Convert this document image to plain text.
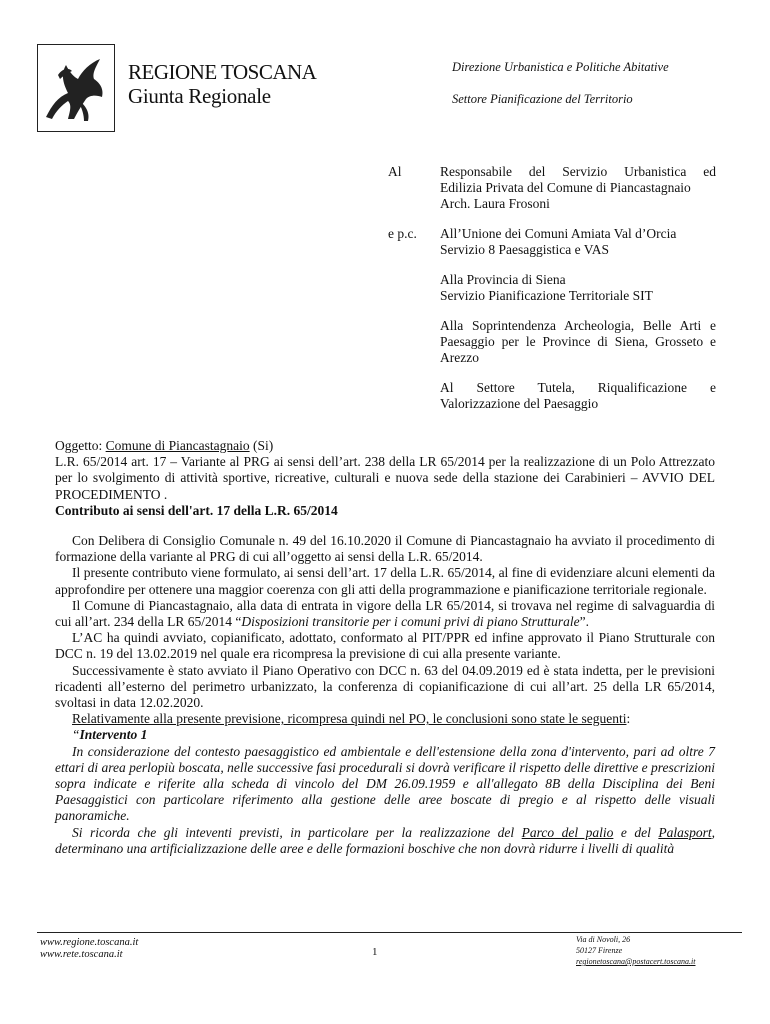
REGIONE TOSCANA
Giunta Regionale
Direzione Urbanistica e Politiche Abitative
Settore Pianificazione del Territorio
Al	Responsabile del Servizio Urbanistica ed
Edilizia Privata del Comune di Piancastagnaio
Arch. Laura Frosoni
e p.c. All’Unione dei Comuni Amiata Val d’Orcia
Servizio 8 Paesaggistica e VAS
Alla Provincia di Siena
Servizio Pianificazione Territoriale SIT
Alla Soprintendenza Archeologia, Belle Arti e
Paesaggio per le Province di Siena, Grosseto e
Arezzo
Al Settore Tutela, Riqualificazione e
Valorizzazione del Paesaggio

Oggetto: Comune di Piancastagnaio (Si)

L.R. 65/2014 art. 17 – Variante al PRG ai sensi dell’art. 238 della LR 65/2014 per la realizzazione di un Polo Attrezzato per lo svolgimento di attività sportive, ricreative, culturali e nuova sede della stazione dei Carabinieri – AVVIO DEL PROCEDIMENTO .

Contributo ai sensi dell'art. 17 della L.R. 65/2014

Con Delibera di Consiglio Comunale n. 49 del 16.10.2020 il Comune di Piancastagnaio ha avviato il procedimento di formazione della variante al PRG di cui all’oggetto ai sensi della L.R. 65/2014.

Il presente contributo viene formulato, ai sensi dell’art. 17 della L.R. 65/2014, al fine di evidenziare alcuni elementi da approfondire per ottenere una maggior coerenza con gli atti della programmazione e pianificazione territoriale regionale.

Il Comune di Piancastagnaio, alla data di entrata in vigore della LR 65/2014, si trovava nel regime di salvaguardia di cui all’art. 234 della LR 65/2014 “Disposizioni transitorie per i comuni privi di piano Strutturale”.

L’AC ha quindi avviato, copianificato, adottato, conformato al PIT/PPR ed infine approvato il Piano Strutturale con DCC n. 19 del 13.02.2019 nel quale era ricompresa la previsione di cui alla presente variante.

Successivamente è stato avviato il Piano Operativo con DCC n. 63 del 04.09.2019 ed è stata indetta, per le previsioni ricadenti all’esterno del perimetro urbanizzato, la conferenza di copianificazione di cui all’art. 25 della LR 65/2014, svoltasi in data 12.02.2020.

Relativamente alla presente previsione, ricompresa quindi nel PO, le conclusioni sono state le seguenti:

“Intervento 1

In considerazione del contesto paesaggistico ed ambientale e dell'estensione della zona d'intervento, pari ad oltre 7 ettari di area perlopiù boscata, nelle successive fasi procedurali si dovrà verificare il rispetto delle direttive e prescrizioni sopra indicate e riferite alla scheda di vincolo del DM 26.09.1959 e all'allegato 8B della Disciplina dei Beni Paesaggistici con particolare riferimento alla gestione delle aree boscate di pregio e al rispetto delle visuali panoramiche.

Si ricorda che gli inteventi previsti, in particolare per la realizzazione del Parco del palio e del Palasport, determinano una artificializzazione delle aree e delle formazioni boschive che non dovrà ridurre i livelli di qualità

www.regione.toscana.it
www.rete.toscana.it	1
Via di Novoli, 26
50127 Firenze
regionetoscana@postacert.toscana.it
